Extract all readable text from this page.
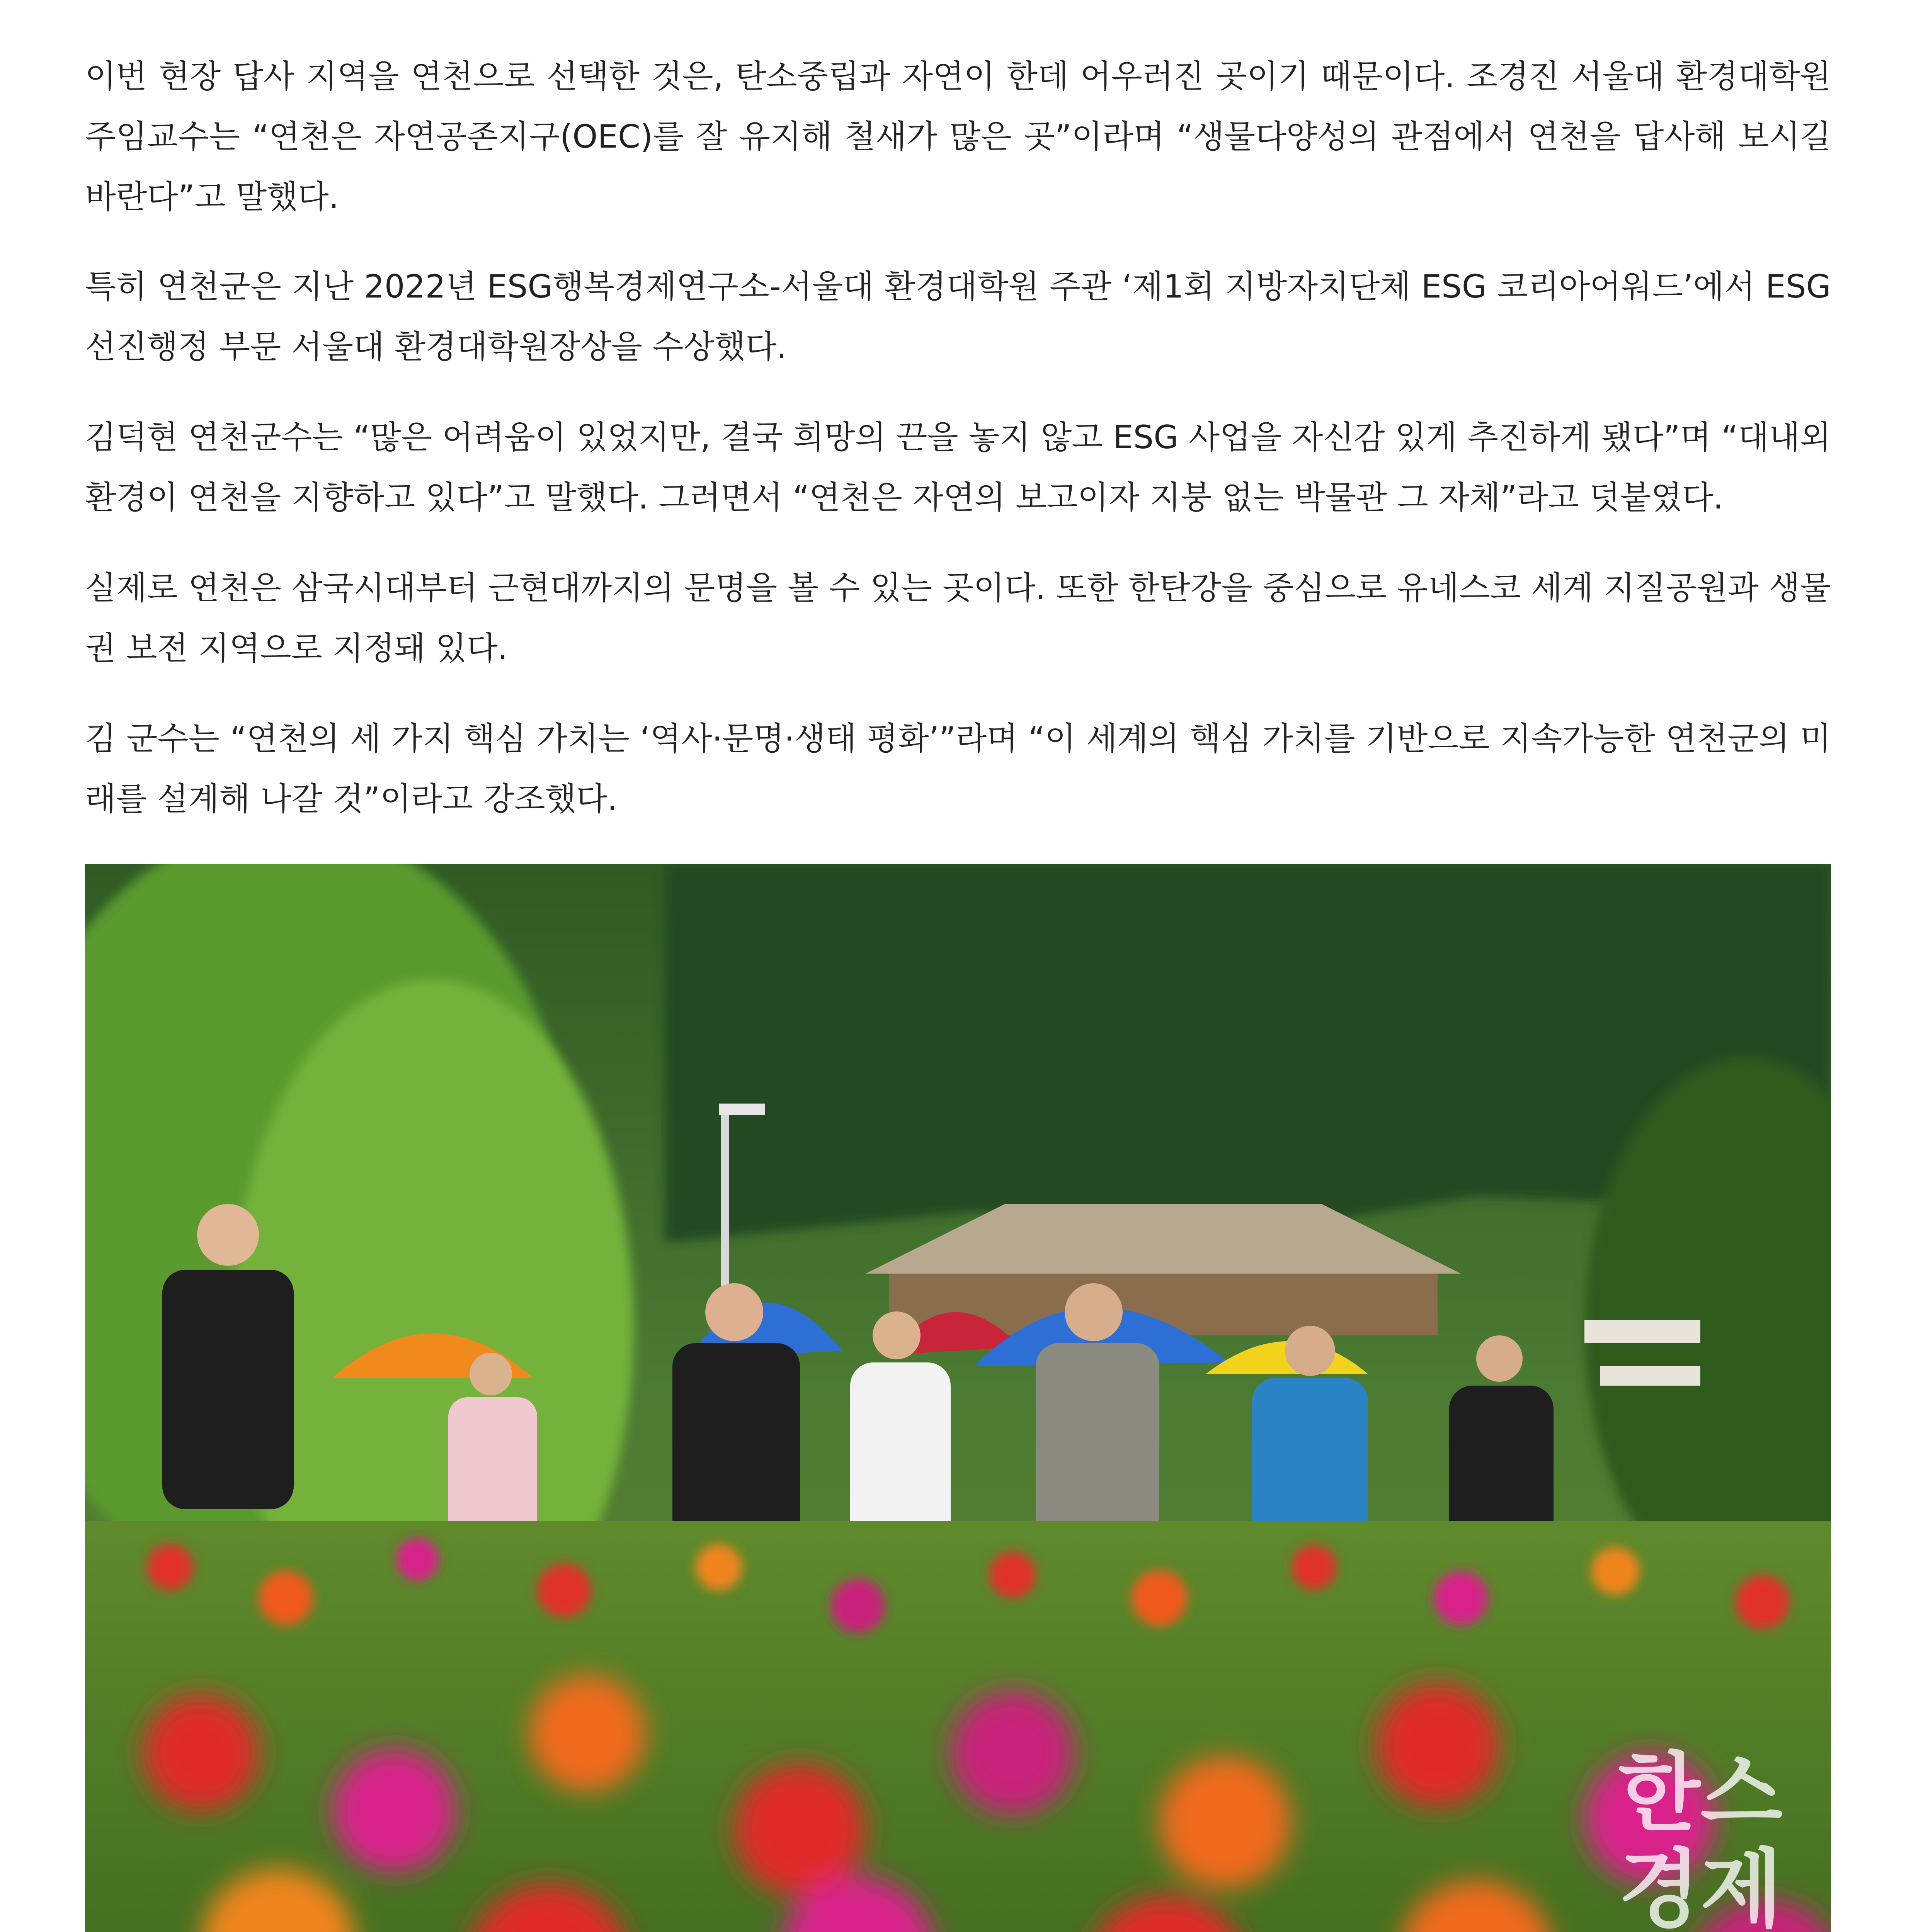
이번 현장 답사 지역을 연천으로 선택한 것은, 탄소중립과 자연이 한데 어우러진 곳이기 때문이다. 조경진 서울대 환경대학원 주임교수는 “연천은 자연공존지구(OEC)를 잘 유지해 철새가 많은 곳”이라며 “생물다양성의 관점에서 연천을 답사해 보시길 바란다”고 말했다.

특히 연천군은 지난 2022년 ESG행복경제연구소-서울대 환경대학원 주관 ‘제1회 지방자치단체 ESG 코리아어워드’에서 ESG 선진행정 부문 서울대 환경대학원장상을 수상했다.

김덕현 연천군수는 “많은 어려움이 있었지만, 결국 희망의 끈을 놓지 않고 ESG 사업을 자신감 있게 추진하게 됐다”며 “대내외 환경이 연천을 지향하고 있다”고 말했다. 그러면서 “연천은 자연의 보고이자 지붕 없는 박물관 그 자체”라고 덧붙였다.

실제로 연천은 삼국시대부터 근현대까지의 문명을 볼 수 있는 곳이다. 또한 한탄강을 중심으로 유네스코 세계 지질공원과 생물권 보전 지역으로 지정돼 있다.

김 군수는 “연천의 세 가지 핵심 가치는 ‘역사·문명·생태 평화’”라며 “이 세계의 핵심 가치를 기반으로 지속가능한 연천군의 미래를 설계해 나갈 것”이라고 강조했다.

한스
경제
